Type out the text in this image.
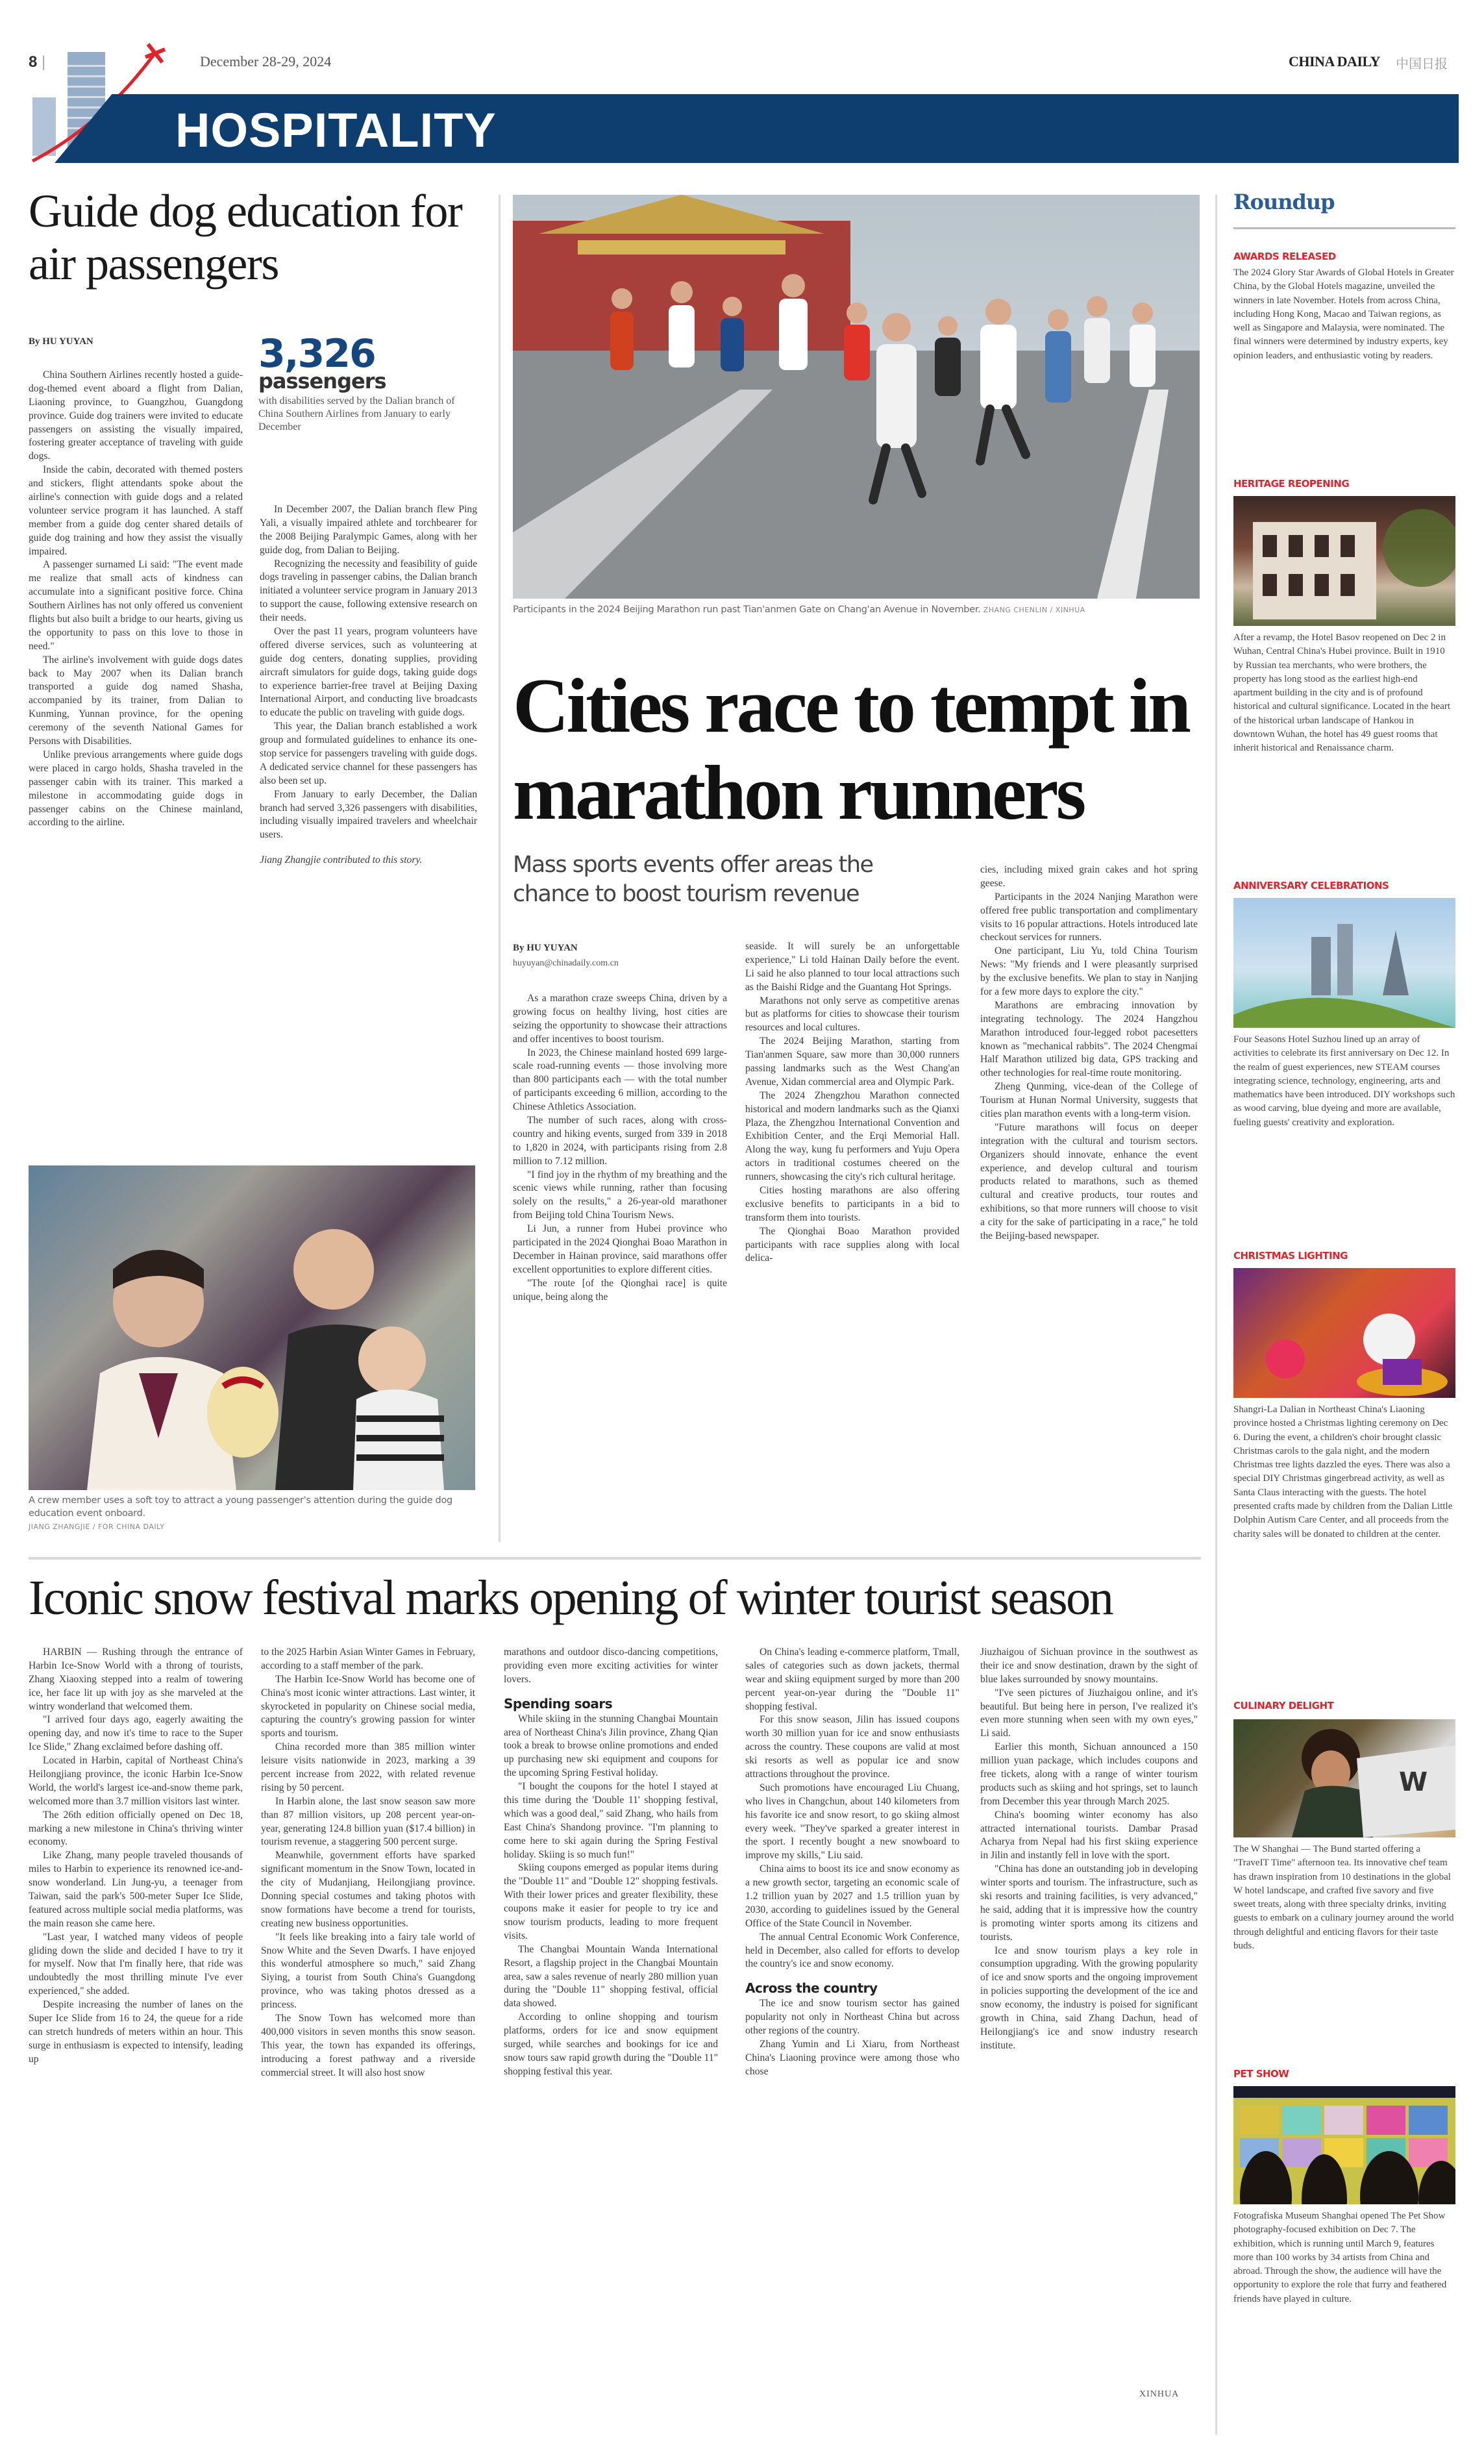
8 |	December 28-29, 2024	CHINA DAILY 中国日报
HOSPITALITY
Guide dog education for air passengers
By HU YUYAN	3,326
passengers
with disabilities served by the Dalian branch of China Southern Airlines from January to early December

China Southern Airlines recently hosted a guide-dog-themed event aboard a flight from Dalian, Liaoning province, to Guangzhou, Guangdong province. Guide dog trainers were invited to educate passengers on assisting the visually impaired, fostering greater acceptance of traveling with guide dogs.

Inside the cabin, decorated with themed posters and stickers, flight attendants spoke about the airline's connection with guide dogs and a related volunteer service program it has launched. A staff member from a guide dog center shared details of guide dog training and how they assist the visually impaired.

A passenger surnamed Li said: "The event made me realize that small acts of kindness can accumulate into a significant positive force. China Southern Airlines has not only offered us convenient flights but also built a bridge to our hearts, giving us the opportunity to pass on this love to those in need."

The airline's involvement with guide dogs dates back to May 2007 when its Dalian branch transported a guide dog named Shasha, accompanied by its trainer, from Dalian to Kunming, Yunnan province, for the opening ceremony of the seventh National Games for Persons with Disabilities.

Unlike previous arrangements where guide dogs were placed in cargo holds, Shasha traveled in the passenger cabin with its trainer. This marked a milestone in accommodating guide dogs in passenger cabins on the Chinese mainland, according to the airline.

In December 2007, the Dalian branch flew Ping Yali, a visually impaired athlete and torchbearer for the 2008 Beijing Paralympic Games, along with her guide dog, from Dalian to Beijing.

Recognizing the necessity and feasibility of guide dogs traveling in passenger cabins, the Dalian branch initiated a volunteer service program in January 2013 to support the cause, following extensive research on their needs.

Over the past 11 years, program volunteers have offered diverse services, such as volunteering at guide dog centers, donating supplies, providing aircraft simulators for guide dogs, taking guide dogs to experience barrier-free travel at Beijing Daxing International Airport, and conducting live broadcasts to educate the public on traveling with guide dogs.

This year, the Dalian branch established a work group and formulated guidelines to enhance its one-stop service for passengers traveling with guide dogs. A dedicated service channel for these passengers has also been set up.

From January to early December, the Dalian branch had served 3,326 passengers with disabilities, including visually impaired travelers and wheelchair users.

Jiang Zhangjie contributed to this story.

A crew member uses a soft toy to attract a young passenger's attention during the guide dog education event onboard.
JIANG ZHANGJIE / FOR CHINA DAILY
Participants in the 2024 Beijing Marathon run past Tian'anmen Gate on Chang'an Avenue in November. ZHANG CHENLIN / XINHUA
Cities race to tempt in marathon runners
Mass sports events offer areas the chance to boost tourism revenue
By HU YUYAN
huyuyan@chinadaily.com.cn

As a marathon craze sweeps China, driven by a growing focus on healthy living, host cities are seizing the opportunity to showcase their attractions and offer incentives to boost tourism.

In 2023, the Chinese mainland hosted 699 large-scale road-running events — those involving more than 800 participants each — with the total number of participants exceeding 6 million, according to the Chinese Athletics Association.

The number of such races, along with cross-country and hiking events, surged from 339 in 2018 to 1,820 in 2024, with participants rising from 2.8 million to 7.12 million.

"I find joy in the rhythm of my breathing and the scenic views while running, rather than focusing solely on the results," a 26-year-old marathoner from Beijing told China Tourism News.

Li Jun, a runner from Hubei province who participated in the 2024 Qionghai Boao Marathon in December in Hainan province, said marathons offer excellent opportunities to explore different cities.

"The route [of the Qionghai race] is quite unique, being along the

seaside. It will surely be an unforgettable experience," Li told Hainan Daily before the event. Li said he also planned to tour local attractions such as the Baishi Ridge and the Guantang Hot Springs.

Marathons not only serve as competitive arenas but as platforms for cities to showcase their tourism resources and local cultures.

The 2024 Beijing Marathon, starting from Tian'anmen Square, saw more than 30,000 runners passing landmarks such as the West Chang'an Avenue, Xidan commercial area and Olympic Park.

The 2024 Zhengzhou Marathon connected historical and modern landmarks such as the Qianxi Plaza, the Zhengzhou International Convention and Exhibition Center, and the Erqi Memorial Hall. Along the way, kung fu performers and Yuju Opera actors in traditional costumes cheered on the runners, showcasing the city's rich cultural heritage.

Cities hosting marathons are also offering exclusive benefits to participants in a bid to transform them into tourists.

The Qionghai Boao Marathon provided participants with race supplies along with local delica-

cies, including mixed grain cakes and hot spring geese.

Participants in the 2024 Nanjing Marathon were offered free public transportation and complimentary visits to 16 popular attractions. Hotels introduced late checkout services for runners.

One participant, Liu Yu, told China Tourism News: "My friends and I were pleasantly surprised by the exclusive benefits. We plan to stay in Nanjing for a few more days to explore the city."

Marathons are embracing innovation by integrating technology. The 2024 Hangzhou Marathon introduced four-legged robot pacesetters known as "mechanical rabbits". The 2024 Chengmai Half Marathon utilized big data, GPS tracking and other technologies for real-time route monitoring.

Zheng Qunming, vice-dean of the College of Tourism at Hunan Normal University, suggests that cities plan marathon events with a long-term vision.

"Future marathons will focus on deeper integration with the cultural and tourism sectors. Organizers should innovate, enhance the event experience, and develop cultural and tourism products related to marathons, such as themed cultural and creative products, tour routes and exhibitions, so that more runners will choose to visit a city for the sake of participating in a race," he told the Beijing-based newspaper.

Iconic snow festival marks opening of winter tourist season

HARBIN — Rushing through the entrance of Harbin Ice-Snow World with a throng of tourists, Zhang Xiaoxing stepped into a realm of towering ice, her face lit up with joy as she marveled at the wintry wonderland that welcomed them.

"I arrived four days ago, eagerly awaiting the opening day, and now it's time to race to the Super Ice Slide," Zhang exclaimed before dashing off.

Located in Harbin, capital of Northeast China's Heilongjiang province, the iconic Harbin Ice-Snow World, the world's largest ice-and-snow theme park, welcomed more than 3.7 million visitors last winter.

The 26th edition officially opened on Dec 18, marking a new milestone in China's thriving winter economy.

Like Zhang, many people traveled thousands of miles to Harbin to experience its renowned ice-and-snow wonderland. Lin Jung-yu, a teenager from Taiwan, said the park's 500-meter Super Ice Slide, featured across multiple social media platforms, was the main reason she came here.

"Last year, I watched many videos of people gliding down the slide and decided I have to try it for myself. Now that I'm finally here, that ride was undoubtedly the most thrilling minute I've ever experienced," she added.

Despite increasing the number of lanes on the Super Ice Slide from 16 to 24, the queue for a ride can stretch hundreds of meters within an hour. This surge in enthusiasm is expected to intensify, leading up

to the 2025 Harbin Asian Winter Games in February, according to a staff member of the park.

The Harbin Ice-Snow World has become one of China's most iconic winter attractions. Last winter, it skyrocketed in popularity on Chinese social media, capturing the country's growing passion for winter sports and tourism.

China recorded more than 385 million winter leisure visits nationwide in 2023, marking a 39 percent increase from 2022, with related revenue rising by 50 percent.

In Harbin alone, the last snow season saw more than 87 million visitors, up 208 percent year-on-year, generating 124.8 billion yuan ($17.4 billion) in tourism revenue, a staggering 500 percent surge.

Meanwhile, government efforts have sparked significant momentum in the Snow Town, located in the city of Mudanjiang, Heilongjiang province. Donning special costumes and taking photos with snow formations have become a trend for tourists, creating new business opportunities.

"It feels like breaking into a fairy tale world of Snow White and the Seven Dwarfs. I have enjoyed this wonderful atmosphere so much," said Zhang Siying, a tourist from South China's Guangdong province, who was taking photos dressed as a princess.

The Snow Town has welcomed more than 400,000 visitors in seven months this snow season. This year, the town has expanded its offerings, introducing a forest pathway and a riverside commercial street. It will also host snow

marathons and outdoor disco-dancing competitions, providing even more exciting activities for winter lovers.

Spending soars

While skiing in the stunning Changbai Mountain area of Northeast China's Jilin province, Zhang Qian took a break to browse online promotions and ended up purchasing new ski equipment and coupons for the upcoming Spring Festival holiday.

"I bought the coupons for the hotel I stayed at this time during the 'Double 11' shopping festival, which was a good deal," said Zhang, who hails from East China's Shandong province. "I'm planning to come here to ski again during the Spring Festival holiday. Skiing is so much fun!"

Skiing coupons emerged as popular items during the "Double 11" and "Double 12" shopping festivals. With their lower prices and greater flexibility, these coupons make it easier for people to try ice and snow tourism products, leading to more frequent visits.

The Changbai Mountain Wanda International Resort, a flagship project in the Changbai Mountain area, saw a sales revenue of nearly 280 million yuan during the "Double 11" shopping festival, official data showed.

According to online shopping and tourism platforms, orders for ice and snow equipment surged, while searches and bookings for ice and snow tours saw rapid growth during the "Double 11" shopping festival this year.

On China's leading e-commerce platform, Tmall, sales of categories such as down jackets, thermal wear and skiing equipment surged by more than 200 percent year-on-year during the "Double 11" shopping festival.

For this snow season, Jilin has issued coupons worth 30 million yuan for ice and snow enthusiasts across the country. These coupons are valid at most ski resorts as well as popular ice and snow attractions throughout the province.

Such promotions have encouraged Liu Chuang, who lives in Changchun, about 140 kilometers from his favorite ice and snow resort, to go skiing almost every week. "They've sparked a greater interest in the sport. I recently bought a new snowboard to improve my skills," Liu said.

China aims to boost its ice and snow economy as a new growth sector, targeting an economic scale of 1.2 trillion yuan by 2027 and 1.5 trillion yuan by 2030, according to guidelines issued by the General Office of the State Council in November.

The annual Central Economic Work Conference, held in December, also called for efforts to develop the country's ice and snow economy.

Across the country

The ice and snow tourism sector has gained popularity not only in Northeast China but across other regions of the country.

Zhang Yumin and Li Xiaru, from Northeast China's Liaoning province were among those who chose

Jiuzhaigou of Sichuan province in the southwest as their ice and snow destination, drawn by the sight of blue lakes surrounded by snowy mountains.

"I've seen pictures of Jiuzhaigou online, and it's beautiful. But being here in person, I've realized it's even more stunning when seen with my own eyes," Li said.

Earlier this month, Sichuan announced a 150 million yuan package, which includes coupons and free tickets, along with a range of winter tourism products such as skiing and hot springs, set to launch from December this year through March 2025.

China's booming winter economy has also attracted international tourists. Dambar Prasad Acharya from Nepal had his first skiing experience in Jilin and instantly fell in love with the sport.

"China has done an outstanding job in developing winter sports and tourism. The infrastructure, such as ski resorts and training facilities, is very advanced," he said, adding that it is impressive how the country is promoting winter sports among its citizens and tourists.

Ice and snow tourism plays a key role in consumption upgrading. With the growing popularity of ice and snow sports and the ongoing improvement in policies supporting the development of the ice and snow economy, the industry is poised for significant growth in China, said Zhang Dachun, head of Heilongjiang's ice and snow industry research institute.

XINHUA
Roundup
AWARDS RELEASED
The 2024 Glory Star Awards of Global Hotels in Greater China, by the Global Hotels magazine, unveiled the winners in late November. Hotels from across China, including Hong Kong, Macao and Taiwan regions, as well as Singapore and Malaysia, were nominated. The final winners were determined by industry experts, key opinion leaders, and enthusiastic voting by readers.
HERITAGE REOPENING
After a revamp, the Hotel Basov reopened on Dec 2 in Wuhan, Central China's Hubei province. Built in 1910 by Russian tea merchants, who were brothers, the property has long stood as the earliest high-end apartment building in the city and is of profound historical and cultural significance. Located in the heart of the historical urban landscape of Hankou in downtown Wuhan, the hotel has 49 guest rooms that inherit historical and Renaissance charm.
ANNIVERSARY CELEBRATIONS
Four Seasons Hotel Suzhou lined up an array of activities to celebrate its first anniversary on Dec 12. In the realm of guest experiences, new STEAM courses integrating science, technology, engineering, arts and mathematics have been introduced. DIY workshops such as wood carving, blue dyeing and more are available, fueling guests' creativity and exploration.
CHRISTMAS LIGHTING
Shangri-La Dalian in Northeast China's Liaoning province hosted a Christmas lighting ceremony on Dec 6. During the event, a children's choir brought classic Christmas carols to the gala night, and the modern Christmas tree lights dazzled the eyes. There was also a special DIY Christmas gingerbread activity, as well as Santa Claus interacting with the guests. The hotel presented crafts made by children from the Dalian Little Dolphin Autism Care Center, and all proceeds from the charity sales will be donated to children at the center.
CULINARY DELIGHT
W
The W Shanghai — The Bund started offering a "TraveIT Time" afternoon tea. Its innovative chef team has drawn inspiration from 10 destinations in the global W hotel landscape, and crafted five savory and five sweet treats, along with three specialty drinks, inviting guests to embark on a culinary journey around the world through delightful and enticing flavors for their taste buds.
PET SHOW
Fotografiska Museum Shanghai opened The Pet Show photography-focused exhibition on Dec 7. The exhibition, which is running until March 9, features more than 100 works by 34 artists from China and abroad. Through the show, the audience will have the opportunity to explore the role that furry and feathered friends have played in culture.
